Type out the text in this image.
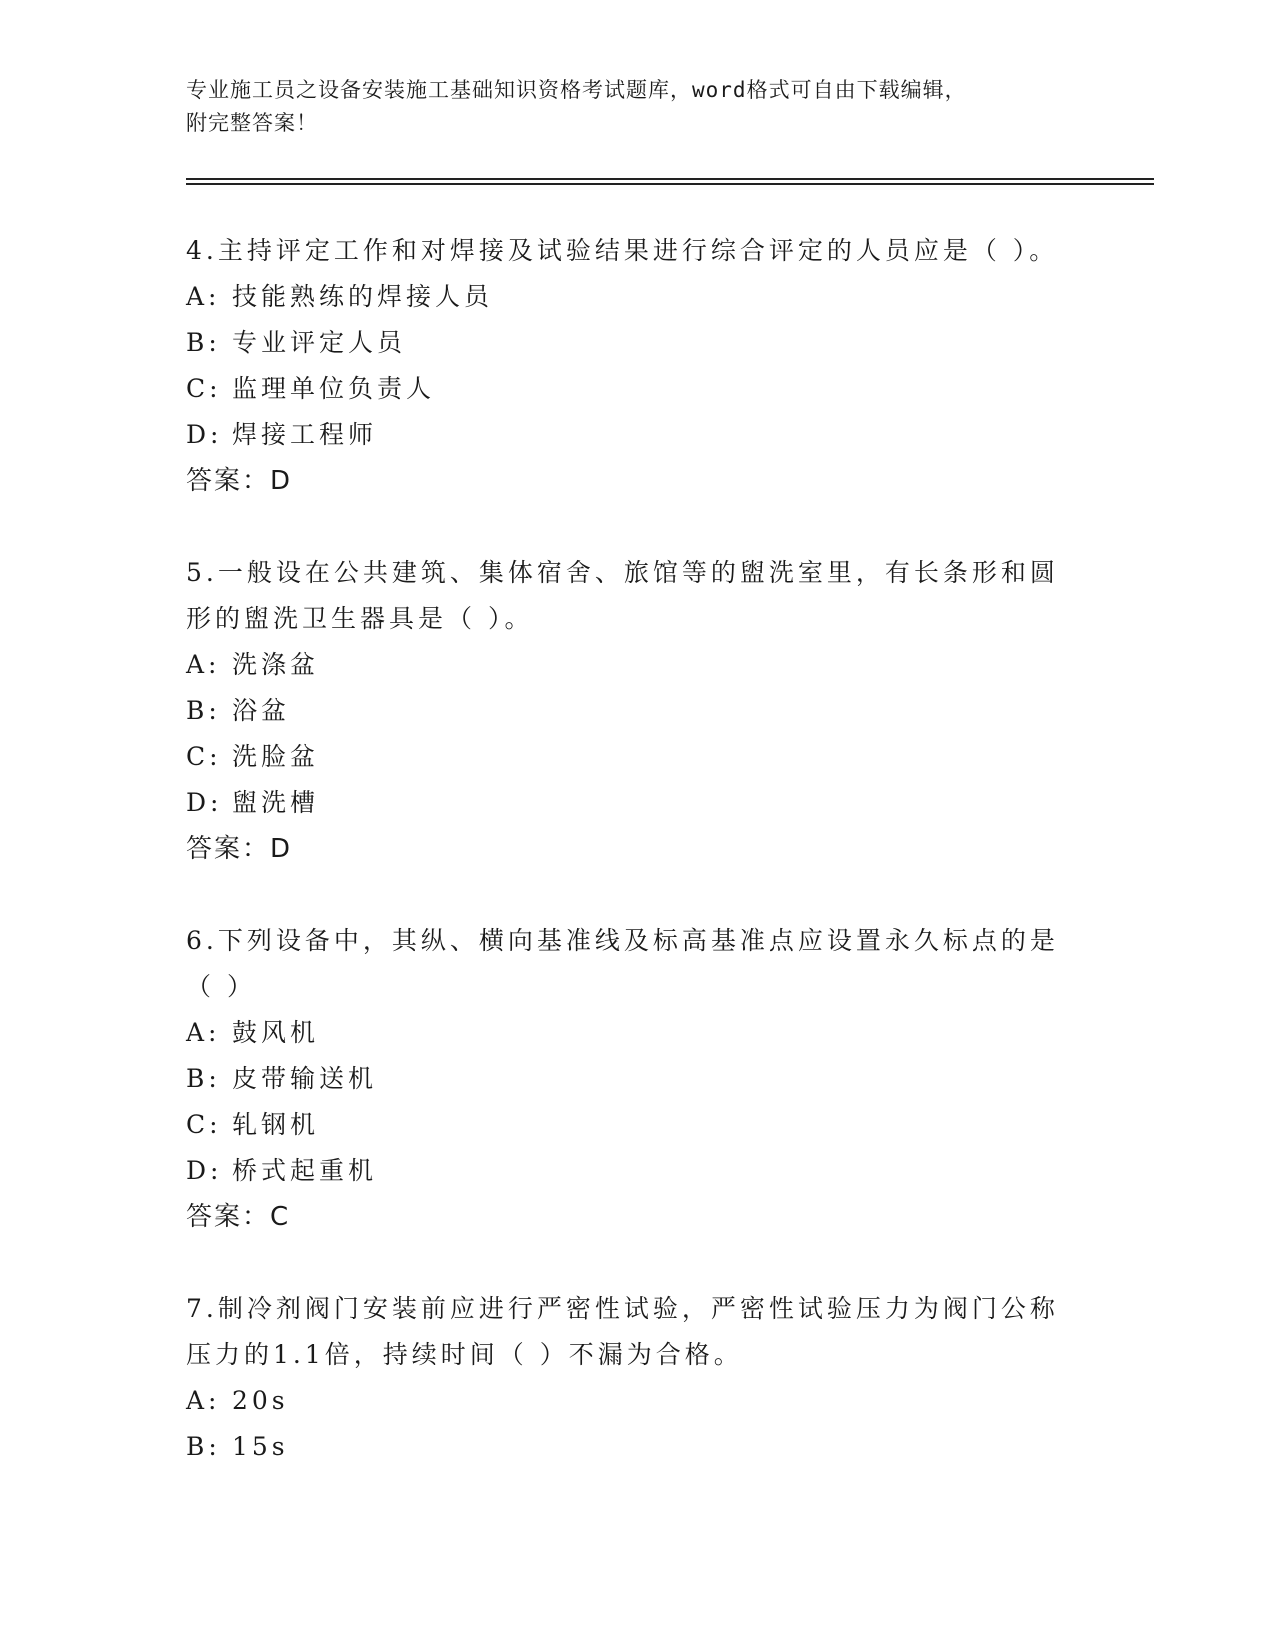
专业施工员之设备安装施工基础知识资格考试题库，word格式可自由下载编辑，
附完整答案！

4.主持评定工作和对焊接及试验结果进行综合评定的人员应是（ ）。

A: 技能熟练的焊接人员

B: 专业评定人员

C: 监理单位负责人

D: 焊接工程师

答案：D

5.一般设在公共建筑、集体宿舍、旅馆等的盥洗室里，有长条形和圆

形的盥洗卫生器具是（ ）。

A: 洗涤盆

B: 浴盆

C: 洗脸盆

D: 盥洗槽

答案：D

6.下列设备中，其纵、横向基准线及标高基准点应设置永久标点的是

（ ）

A: 鼓风机

B: 皮带输送机

C: 轧钢机

D: 桥式起重机

答案：C

7.制冷剂阀门安装前应进行严密性试验，严密性试验压力为阀门公称

压力的1.1倍，持续时间（ ）不漏为合格。

A: 20s

B: 15s
